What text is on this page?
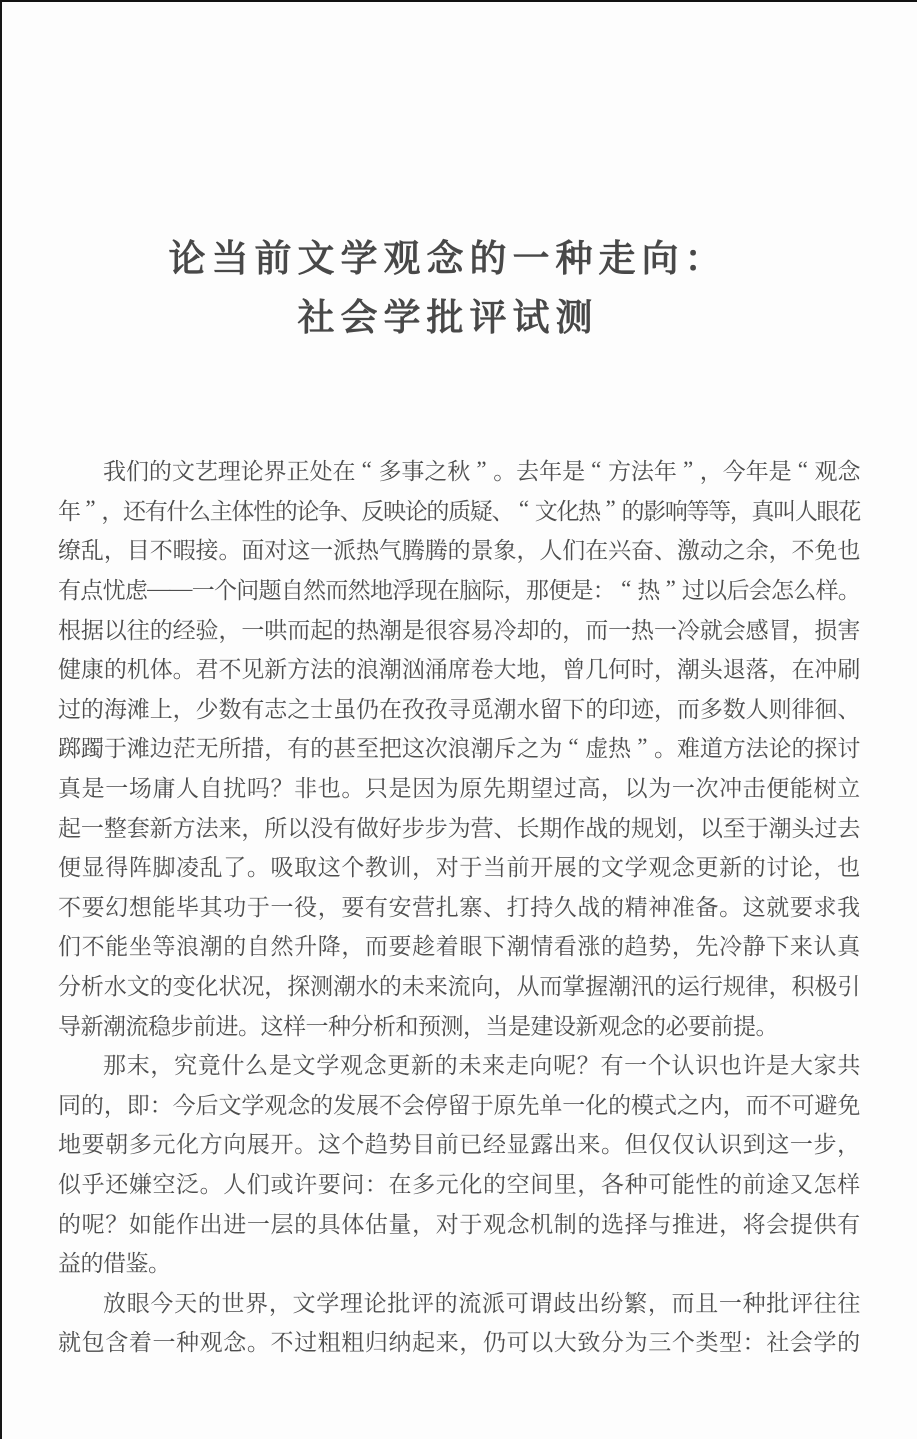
论当前文学观念的一种走向：
社会学批评试测
我 们 的 文 艺 理 论 界 正 处 在 “ 多 事 之 秋 ” 。 去 年 是 “ 方 法 年 ” ， 今 年 是 “ 观 念
年 ” ，
还
有
什
么
主
体
性
的
论
争
、
反
映
论
的
质
疑
、 “ 文
化
热 ” 的
影
响
等
等
，
真
叫
人
眼
花
缭 乱 ， 目 不 暇 接 。 面 对 这 一 派 热 气 腾 腾 的 景 象 ， 人 们 在 兴 奋 、 激 动 之 余 ， 不 免 也
有 点 忧 虑 — — 一 个 问 题 自 然 而 然 地 浮 现 在 脑 际 ， 那 便 是 ： “ 热 ” 过 以 后 会 怎 么 样 。
根 据 以 往 的 经 验 ， 一 哄 而 起 的 热 潮 是 很 容 易 冷 却 的 ， 而 一 热 一 冷 就 会 感 冒 ， 损 害
健 康 的 机 体 。 君 不 见 新 方 法 的 浪 潮 汹 涌 席 卷 大 地 ， 曾 几 何 时 ， 潮 头 退 落 ， 在 冲 刷
过 的 海 滩 上 ， 少 数 有 志 之 士 虽 仍 在 孜 孜 寻 觅 潮 水 留 下 的 印 迹 ， 而 多 数 人 则 徘 徊 、
踯 躅 于 滩 边 茫 无 所 措 ， 有 的 甚 至 把 这 次 浪 潮 斥 之 为 “ 虚 热 ” 。 难 道 方 法 论 的 探 讨
真 是 一 场 庸 人 自 扰 吗 ？ 非 也 。 只 是 因 为 原 先 期 望 过 高 ， 以 为 一 次 冲 击 便 能 树 立
起 一 整 套 新 方 法 来 ， 所 以 没 有 做 好 步 步 为 营 、 长 期 作 战 的 规 划 ， 以 至 于 潮 头 过 去
便 显 得 阵 脚 凌 乱 了 。 吸 取 这 个 教 训 ， 对 于 当 前 开 展 的 文 学 观 念 更 新 的 讨 论 ， 也
不 要 幻 想 能 毕 其 功 于 一 役 ， 要 有 安 营 扎 寨 、 打 持 久 战 的 精 神 准 备 。 这 就 要 求 我
们 不 能 坐 等 浪 潮 的 自 然 升 降 ， 而 要 趁 着 眼 下 潮 情 看 涨 的 趋 势 ， 先 冷 静 下 来 认 真
分 析 水 文 的 变 化 状 况 ， 探 测 潮 水 的 未 来 流 向 ， 从 而 掌 握 潮 汛 的 运 行 规 律 ， 积 极 引
导 新 潮 流 稳 步 前 进 。 这 样 一 种 分 析 和 预 测 ， 当 是 建 设 新 观 念 的 必 要 前 提 。
那 末 ， 究 竟 什 么 是 文 学 观 念 更 新 的 未 来 走 向 呢 ？ 有 一 个 认 识 也 许 是 大 家 共
同 的 ， 即 ： 今 后 文 学 观 念 的 发 展 不 会 停 留 于 原 先 单 一 化 的 模 式 之 内 ， 而 不 可 避 免
地 要 朝 多 元 化 方 向 展 开 。 这 个 趋 势 目 前 已 经 显 露 出 来 。 但 仅 仅 认 识 到 这 一 步 ，
似 乎 还 嫌 空 泛 。 人 们 或 许 要 问 ： 在 多 元 化 的 空 间 里 ， 各 种 可 能 性 的 前 途 又 怎 样
的 呢 ？ 如 能 作 出 进 一 层 的 具 体 估 量 ， 对 于 观 念 机 制 的 选 择 与 推 进 ， 将 会 提 供 有
益 的 借 鉴 。
放 眼 今 天 的 世 界 ， 文 学 理 论 批 评 的 流 派 可 谓 歧 出 纷 繁 ， 而 且 一 种 批 评 往 往
就 包 含 着 一 种 观 念 。 不 过 粗 粗 归 纳 起 来 ， 仍 可 以 大 致 分 为 三 个 类 型 ： 社 会 学 的
